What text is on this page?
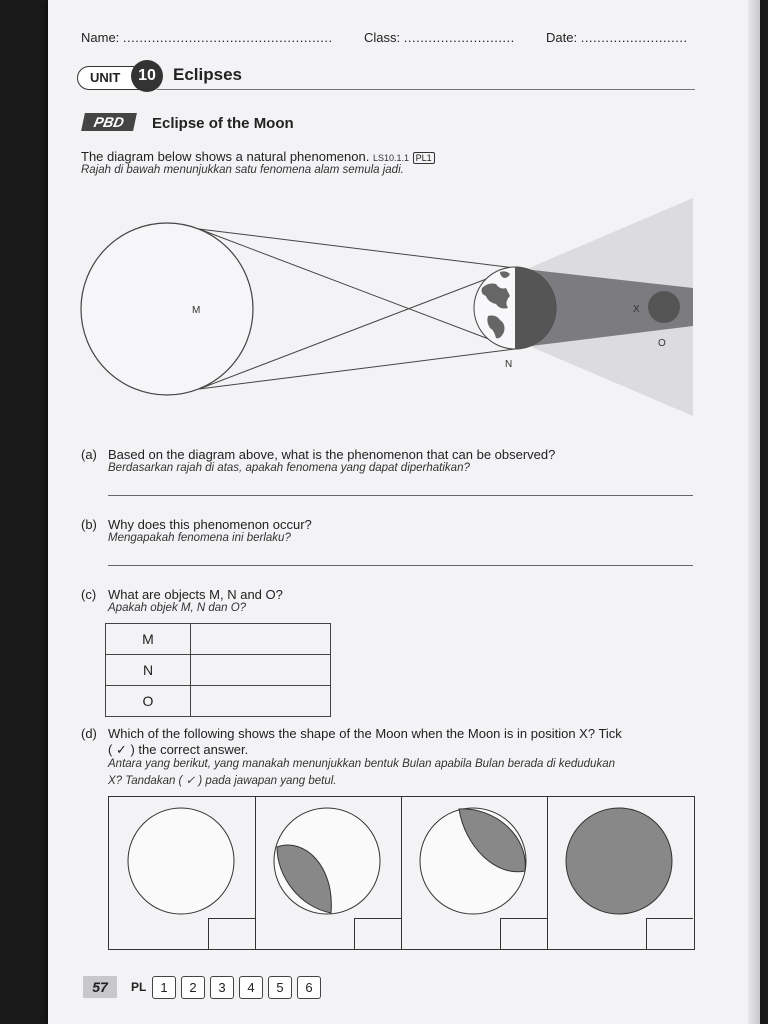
Name: ................................................... Class: ........................... Date: ..........................
UNIT	10	Eclipses
PBD	Eclipse of the Moon
The diagram below shows a natural phenomenon. LS10.1.1 PL1
Rajah di bawah menunjukkan satu fenomena alam semula jadi.
M
N
X
O
(a) Based on the diagram above, what is the phenomenon that can be observed?
Berdasarkan rajah di atas, apakah fenomena yang dapat diperhatikan?
(b) Why does this phenomenon occur?
Mengapakah fenomena ini berlaku?
(c) What are objects M, N and O?
Apakah objek M, N dan O?
M	
N	
O	
(d) Which of the following shows the shape of the Moon when the Moon is in position X? Tick
( ✓ ) the correct answer.
Antara yang berikut, yang manakah menunjukkan bentuk Bulan apabila Bulan berada di kedudukan
X? Tandakan ( ✓ ) pada jawapan yang betul.
57	PL	1	2	3	4	5	6
